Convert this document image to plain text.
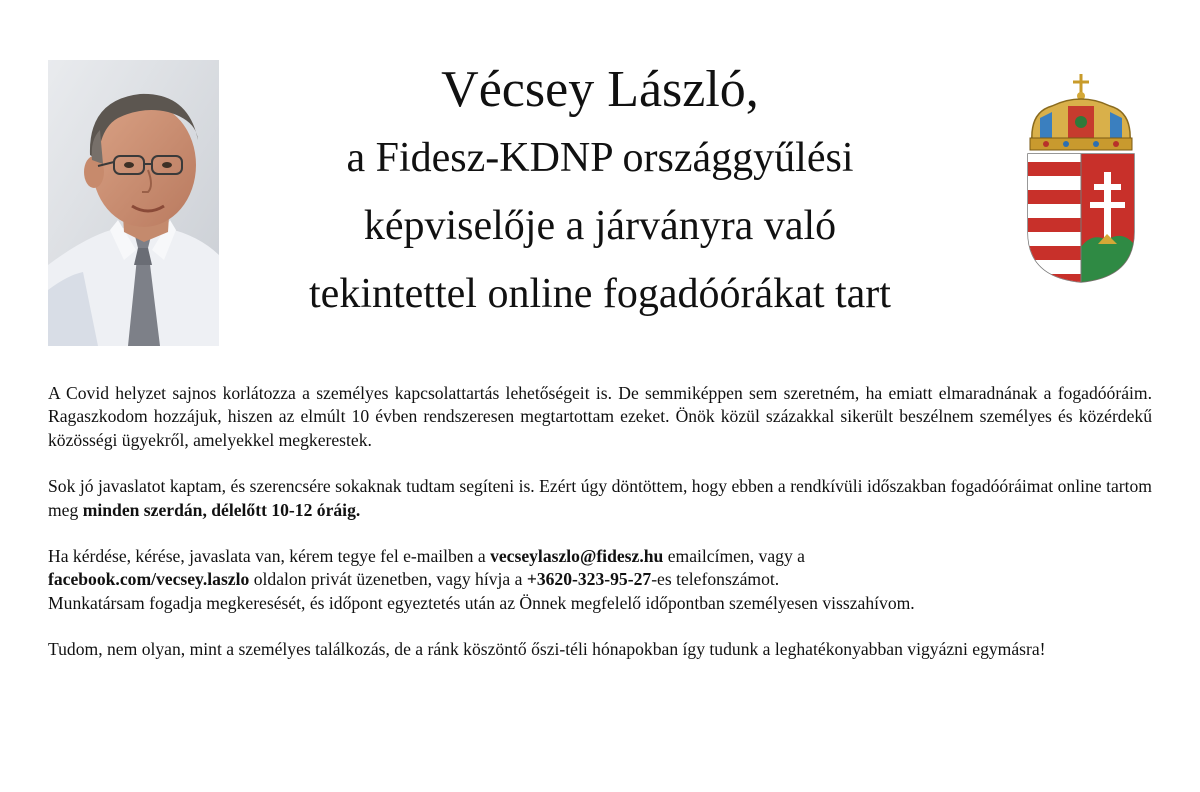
Vécsey László,
a Fidesz-KDNP országgyűlési
képviselője a járványra való
tekintettel online fogadóórákat tart

A Covid helyzet sajnos korlátozza a személyes kapcsolattartás lehetőségeit is. De semmiképpen sem szeretném, ha emiatt elmaradnának a fogadóóráim. Ragaszkodom hozzájuk, hiszen az elmúlt 10 évben rendszeresen megtartottam ezeket. Önök közül százakkal sikerült beszélnem személyes és közérdekű közösségi ügyekről, amelyekkel megkerestek.

Sok jó javaslatot kaptam, és szerencsére sokaknak tudtam segíteni is. Ezért úgy döntöttem, hogy ebben a rendkívüli időszakban fogadóóráimat online tartom meg minden szerdán, délelőtt 10-12 óráig.

Ha kérdése, kérése, javaslata van, kérem tegye fel e-mailben a vecseylaszlo@fidesz.hu emailcímen, vagy a
facebook.com/vecsey.laszlo oldalon privát üzenetben, vagy hívja a +3620-323-95-27-es telefonszámot.
Munkatársam fogadja megkeresését, és időpont egyeztetés után az Önnek megfelelő időpontban személyesen visszahívom.

Tudom, nem olyan, mint a személyes találkozás, de a ránk köszöntő őszi-téli hónapokban így tudunk a leghatékonyabban vigyázni egymásra!
